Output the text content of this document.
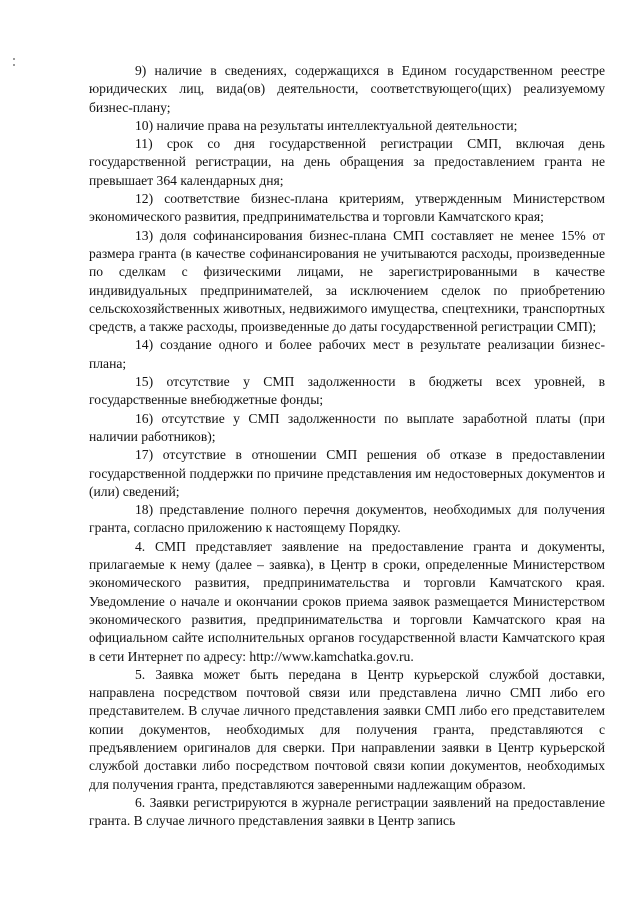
9) наличие в сведениях, содержащихся в Едином государственном реестре юридических лиц, вида(ов) деятельности, соответствующего(щих) реализуемому бизнес-плану;

10) наличие права на результаты интеллектуальной деятельности;

11) срок со дня государственной регистрации СМП, включая день государственной регистрации, на день обращения за предоставлением гранта не превышает 364 календарных дня;

12) соответствие бизнес-плана критериям, утвержденным Министерством экономического развития, предпринимательства и торговли Камчатского края;

13) доля софинансирования бизнес-плана СМП составляет не менее 15% от размера гранта (в качестве софинансирования не учитываются расходы, произведенные по сделкам с физическими лицами, не зарегистрированными в качестве индивидуальных предпринимателей, за исключением сделок по приобретению сельскохозяйственных животных, недвижимого имущества, спецтехники, транспортных средств, а также расходы, произведенные до даты государственной регистрации СМП);

14) создание одного и более рабочих мест в результате реализации бизнес-плана;

15) отсутствие у СМП задолженности в бюджеты всех уровней, в государственные внебюджетные фонды;

16) отсутствие у СМП задолженности по выплате заработной платы (при наличии работников);

17) отсутствие в отношении СМП решения об отказе в предоставлении государственной поддержки по причине представления им недостоверных документов и (или) сведений;

18) представление полного перечня документов, необходимых для получения гранта, согласно приложению к настоящему Порядку.

4. СМП представляет заявление на предоставление гранта и документы, прилагаемые к нему (далее – заявка), в Центр в сроки, определенные Министерством экономического развития, предпринимательства и торговли Камчатского края. Уведомление о начале и окончании сроков приема заявок размещается Министерством экономического развития, предпринимательства и торговли Камчатского края на официальном сайте исполнительных органов государственной власти Камчатского края в сети Интернет по адресу: http://www.kamchatka.gov.ru.

5. Заявка может быть передана в Центр курьерской службой доставки, направлена посредством почтовой связи или представлена лично СМП либо его представителем. В случае личного представления заявки СМП либо его представителем копии документов, необходимых для получения гранта, представляются с предъявлением оригиналов для сверки. При направлении заявки в Центр курьерской службой доставки либо посредством почтовой связи копии документов, необходимых для получения гранта, представляются заверенными надлежащим образом.

6. Заявки регистрируются в журнале регистрации заявлений на предоставление гранта. В случае личного представления заявки в Центр запись
